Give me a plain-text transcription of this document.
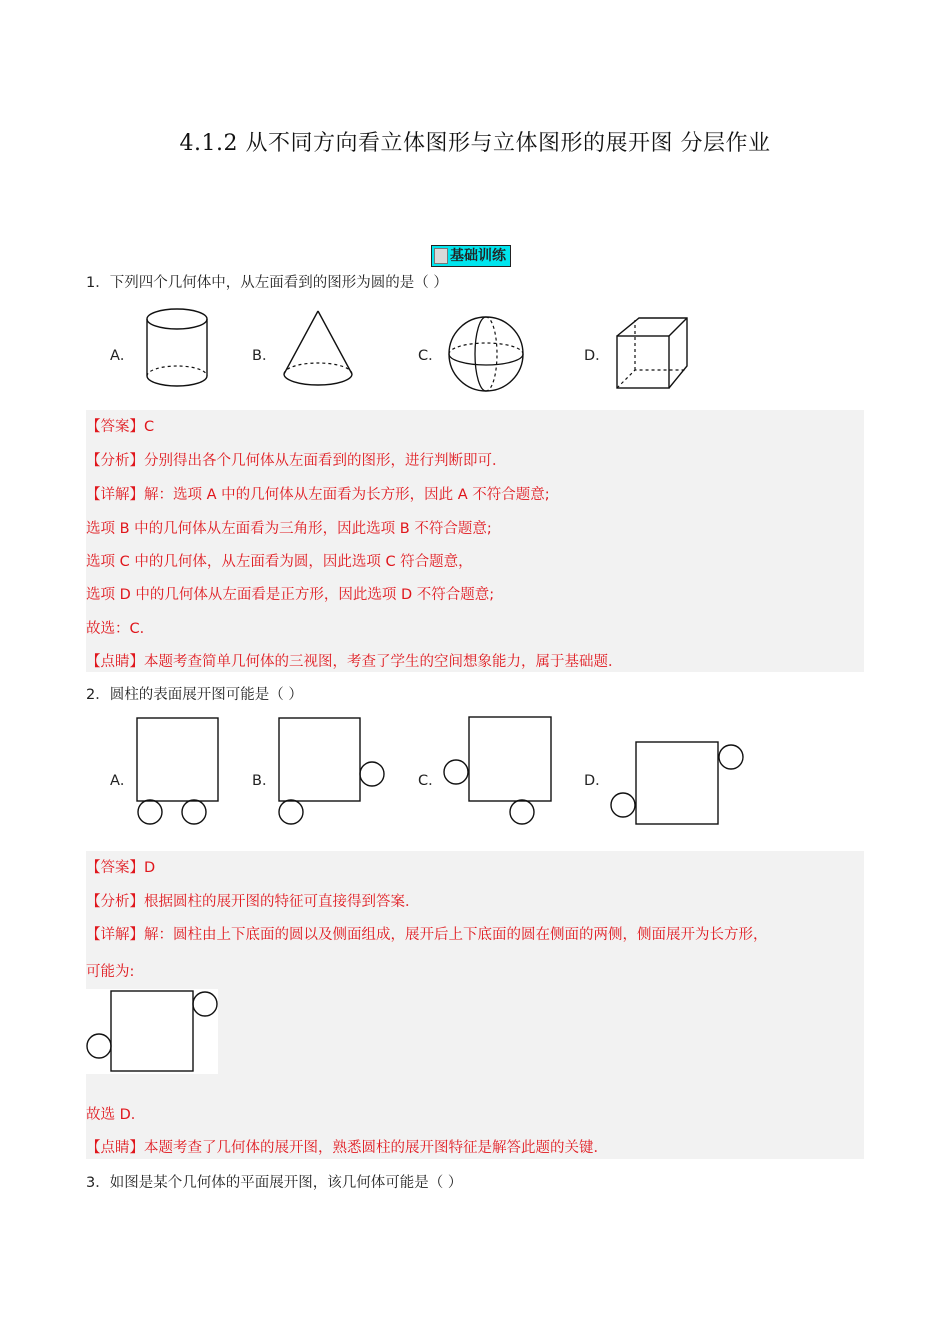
4.1.2 从不同方向看立体图形与立体图形的展开图 分层作业
基础训练
1．下列四个几何体中，从左面看到的图形为圆的是（ ）
A．	B．	C．	D．
【答案】C
【分析】分别得出各个几何体从左面看到的图形，进行判断即可．
【详解】解：选项 A 中的几何体从左面看为长方形，因此 A 不符合题意;
选项 B 中的几何体从左面看为三角形，因此选项 B 不符合题意;
选项 C 中的几何体，从左面看为圆，因此选项 C 符合题意，
选项 D 中的几何体从左面看是正方形，因此选项 D 不符合题意;
故选：C．
【点睛】本题考查简单几何体的三视图，考查了学生的空间想象能力，属于基础题．
2．圆柱的表面展开图可能是（ ）
A．	B．	C．	D．
【答案】D
【分析】根据圆柱的展开图的特征可直接得到答案．
【详解】解：圆柱由上下底面的圆以及侧面组成，展开后上下底面的圆在侧面的两侧，侧面展开为长方形，
可能为:
故选 D．
【点睛】本题考查了几何体的展开图，熟悉圆柱的展开图特征是解答此题的关键．
3．如图是某个几何体的平面展开图，该几何体可能是（ ）
